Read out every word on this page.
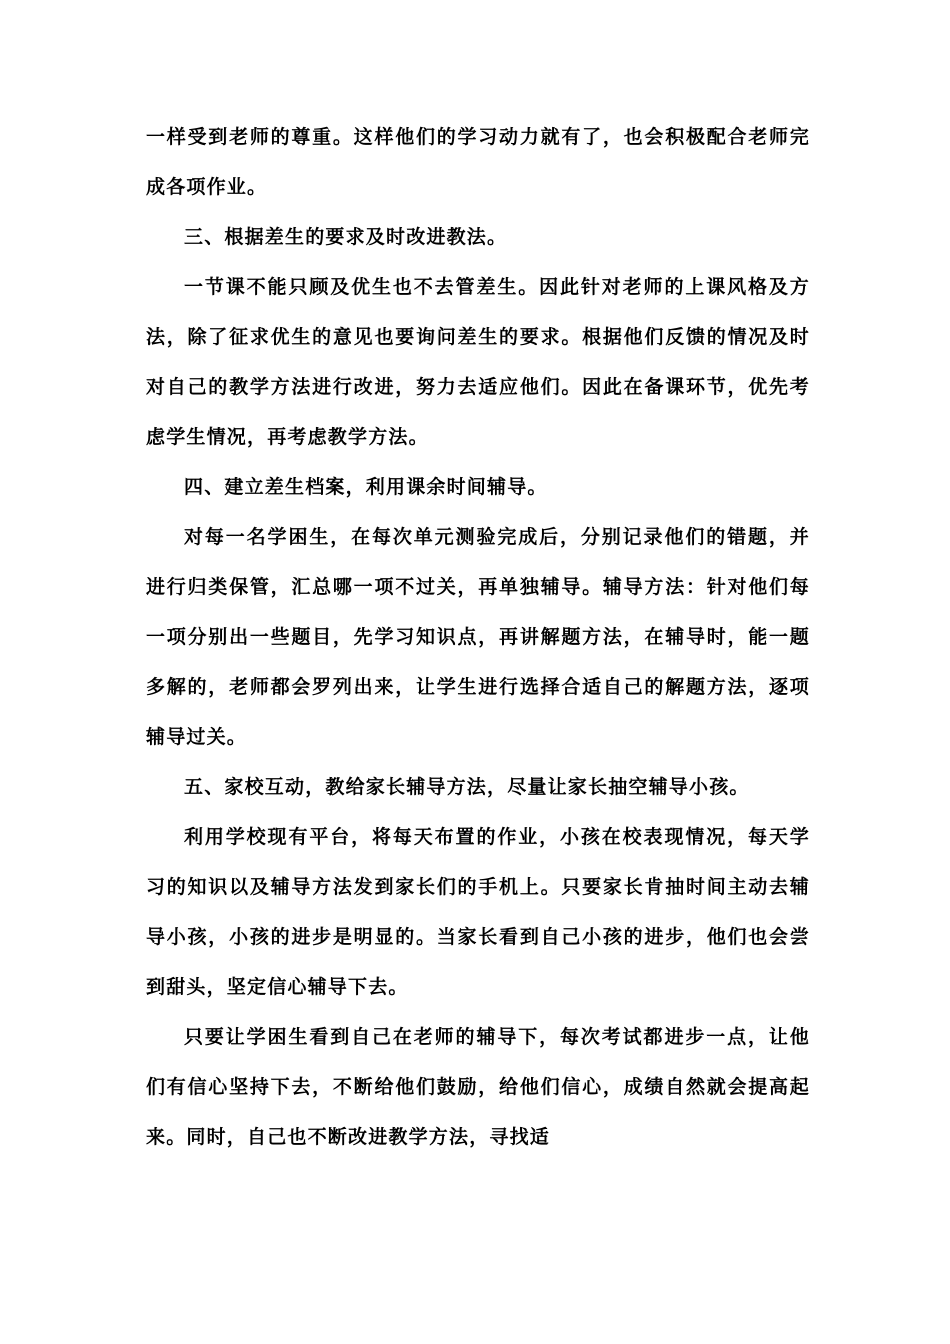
一样受到老师的尊重。这样他们的学习动力就有了，也会积极配合老师完成各项作业。

三、根据差生的要求及时改进教法。

一节课不能只顾及优生也不去管差生。因此针对老师的上课风格及方法，除了征求优生的意见也要询问差生的要求。根据他们反馈的情况及时对自己的教学方法进行改进，努力去适应他们。因此在备课环节，优先考虑学生情况，再考虑教学方法。

四、建立差生档案，利用课余时间辅导。

对每一名学困生，在每次单元测验完成后，分别记录他们的错题，并进行归类保管，汇总哪一项不过关，再单独辅导。辅导方法：针对他们每一项分别出一些题目，先学习知识点，再讲解题方法，在辅导时，能一题多解的，老师都会罗列出来，让学生进行选择合适自己的解题方法，逐项辅导过关。

五、家校互动，教给家长辅导方法，尽量让家长抽空辅导小孩。

利用学校现有平台，将每天布置的作业，小孩在校表现情况，每天学习的知识以及辅导方法发到家长们的手机上。只要家长肯抽时间主动去辅导小孩，小孩的进步是明显的。当家长看到自己小孩的进步，他们也会尝到甜头，坚定信心辅导下去。

只要让学困生看到自己在老师的辅导下，每次考试都进步一点，让他们有信心坚持下去，不断给他们鼓励，给他们信心，成绩自然就会提高起来。同时，自己也不断改进教学方法，寻找适
